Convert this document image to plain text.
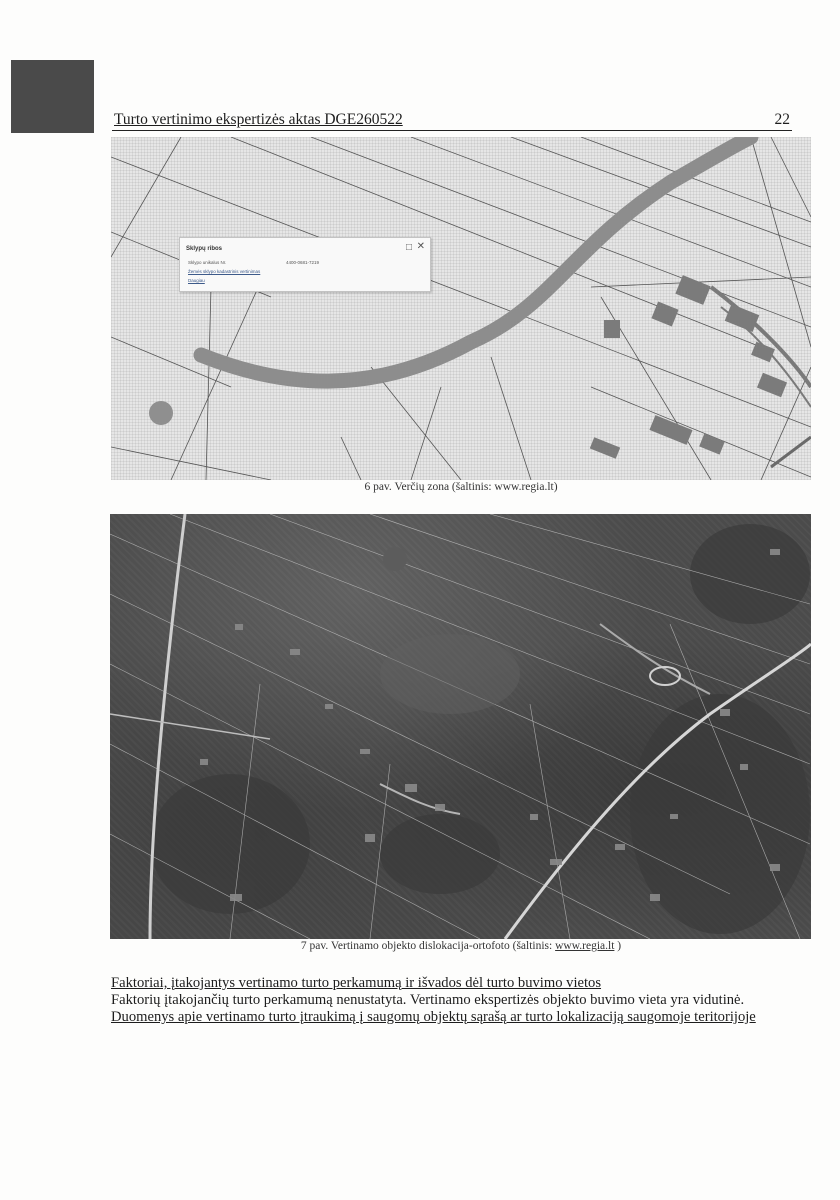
Turto vertinimo ekspertizės aktas DGE260522	22
Sklypų ribos	□ ✕
Sklypo unikalus Nr.	4400-0681-7219
Žemės sklypo kadastrinis vertinimas
Daugiau
6 pav. Verčių zona (šaltinis: www.regia.lt)
7 pav. Vertinamo objekto dislokacija-ortofoto (šaltinis: www.regia.lt )
Faktoriai, įtakojantys vertinamo turto perkamumą ir išvados dėl turto buvimo vietos
Faktorių įtakojančių turto perkamumą nenustatyta. Vertinamo ekspertizės objekto buvimo vieta yra vidutinė.
Duomenys apie vertinamo turto įtraukimą į saugomų objektų sąrašą ar turto lokalizaciją saugomoje teritorijoje
